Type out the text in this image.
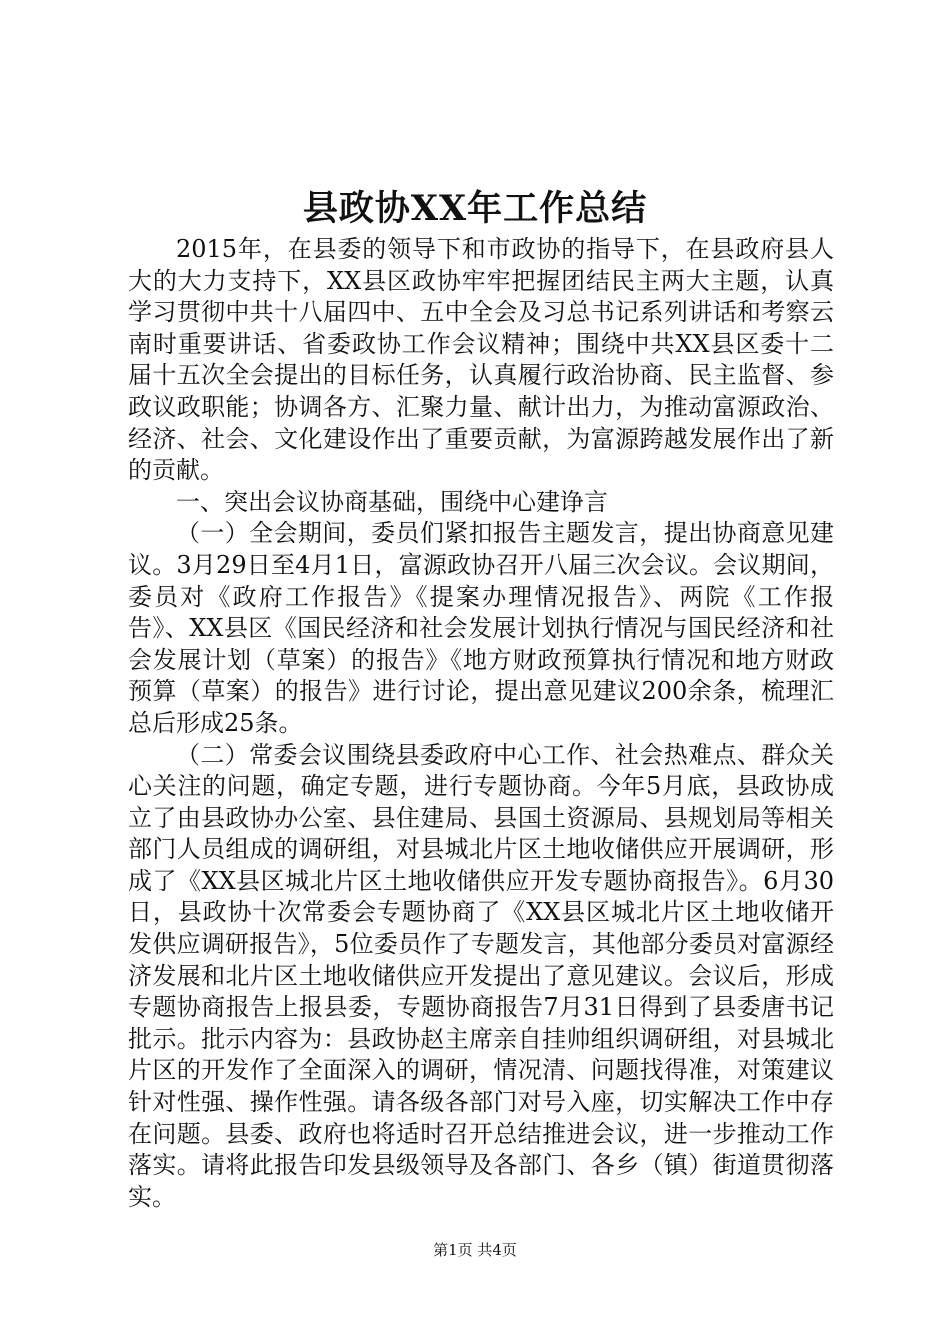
县政协XX年工作总结

2015年，在县委的领导下和市政协的指导下，在县政府县人大的大力支持下，XX县区政协牢牢把握团结民主两大主题，认真学习贯彻中共十八届四中、五中全会及习总书记系列讲话和考察云南时重要讲话、省委政协工作会议精神；围绕中共XX县区委十二届十五次全会提出的目标任务，认真履行政治协商、民主监督、参政议政职能；协调各方、汇聚力量、献计出力，为推动富源政治、经济、社会、文化建设作出了重要贡献，为富源跨越发展作出了新的贡献。

一、突出会议协商基础，围绕中心建诤言

（一）全会期间，委员们紧扣报告主题发言，提出协商意见建议。3月29日至4月1日，富源政协召开八届三次会议。会议期间，委员对《政府工作报告》《提案办理情况报告》、两院《工作报告》、XX县区《国民经济和社会发展计划执行情况与国民经济和社会发展计划（草案）的报告》《地方财政预算执行情况和地方财政预算（草案）的报告》进行讨论，提出意见建议200余条，梳理汇总后形成25条。

（二）常委会议围绕县委政府中心工作、社会热难点、群众关心关注的问题，确定专题，进行专题协商。今年5月底，县政协成立了由县政协办公室、县住建局、县国土资源局、县规划局等相关部门人员组成的调研组，对县城北片区土地收储供应开展调研，形成了《XX县区城北片区土地收储供应开发专题协商报告》。6月30日，县政协十次常委会专题协商了《XX县区城北片区土地收储开发供应调研报告》，5位委员作了专题发言，其他部分委员对富源经济发展和北片区土地收储供应开发提出了意见建议。会议后，形成专题协商报告上报县委，专题协商报告7月31日得到了县委唐书记批示。批示内容为：县政协赵主席亲自挂帅组织调研组，对县城北片区的开发作了全面深入的调研，情况清、问题找得准，对策建议针对性强、操作性强。请各级各部门对号入座，切实解决工作中存在问题。县委、政府也将适时召开总结推进会议，进一步推动工作落实。请将此报告印发县级领导及各部门、各乡（镇）街道贯彻落实。

第1页 共4页
